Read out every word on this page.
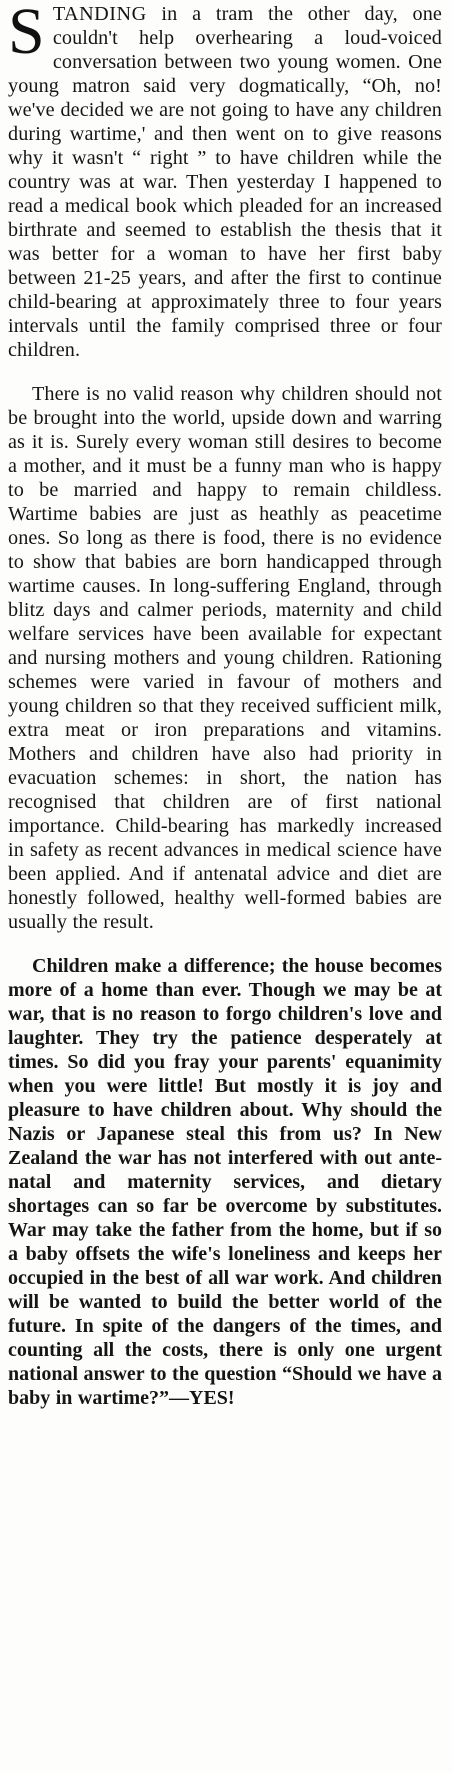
STANDING in a tram the other day, one couldn't help overhearing a loud-voiced conversation between two young women. One young matron said very dogmatically, “Oh, no! we've decided we are not going to have any children during wartime,' and then went on to give reasons why it wasn't “ right ” to have children while the country was at war. Then yesterday I happened to read a medical book which pleaded for an increased birthrate and seemed to establish the thesis that it was better for a woman to have her first baby between 21-25 years, and after the first to continue child-bearing at approximately three to four years intervals until the family comprised three or four children.

There is no valid reason why children should not be brought into the world, upside down and warring as it is. Surely every woman still desires to become a mother, and it must be a funny man who is happy to be married and happy to remain childless. Wartime babies are just as heathly as peacetime ones. So long as there is food, there is no evidence to show that babies are born handicapped through wartime causes. In long-suffering England, through blitz days and calmer periods, maternity and child welfare services have been available for expectant and nursing mothers and young children. Rationing schemes were varied in favour of mothers and young children so that they received sufficient milk, extra meat or iron preparations and vitamins. Mothers and children have also had priority in evacuation schemes: in short, the nation has recognised that children are of first national importance. Child-bearing has markedly increased in safety as recent advances in medical science have been applied. And if antenatal advice and diet are honestly followed, healthy well-formed babies are usually the result.

Children make a difference; the house becomes more of a home than ever. Though we may be at war, that is no reason to forgo children's love and laughter. They try the patience desperately at times. So did you fray your parents' equanimity when you were little! But mostly it is joy and pleasure to have children about. Why should the Nazis or Japanese steal this from us? In New Zealand the war has not interfered with out ante-natal and maternity services, and dietary shortages can so far be overcome by substitutes. War may take the father from the home, but if so a baby offsets the wife's loneliness and keeps her occupied in the best of all war work. And children will be wanted to build the better world of the future. In spite of the dangers of the times, and counting all the costs, there is only one urgent national answer to the question “Should we have a baby in wartime?”—YES!
